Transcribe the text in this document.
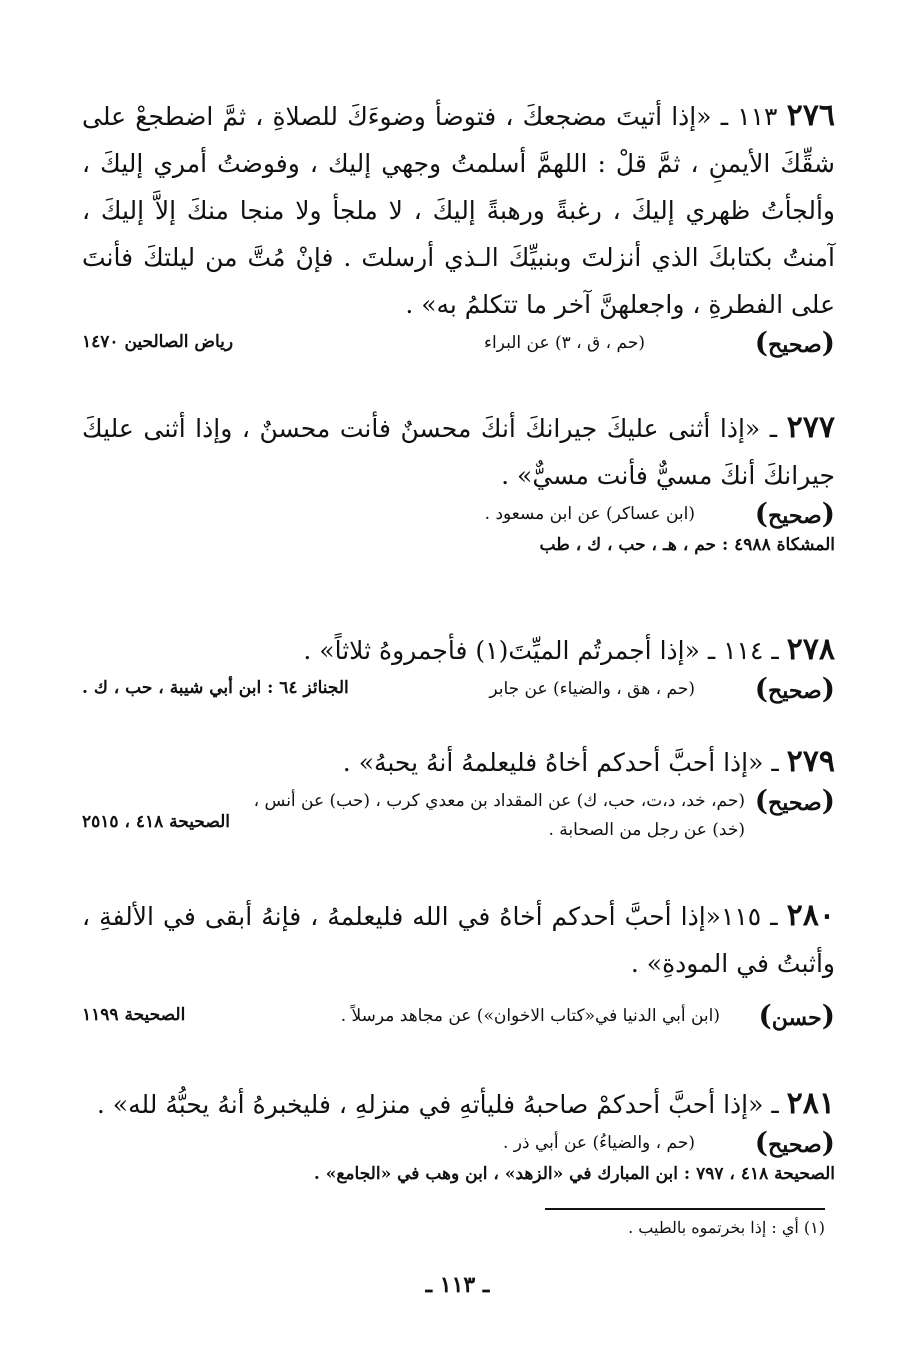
٢٧٦ ١١٣ ـ «إذا أتيتَ مضجعكَ ، فتوضأ وضوءَكَ للصلاةِ ، ثمَّ اضطجعْ على شقِّكَ الأيمنِ ، ثمَّ قلْ : اللهمَّ أسلمتُ وجهي إليك ، وفوضتُ أمري إليكَ ، وألجأتُ ظهري إليكَ ، رغبةً ورهبةً إليكَ ، لا ملجأ ولا منجا منكَ إلاَّ إليكَ ، آمنتُ بكتابكَ الذي أنزلتَ وبنبيِّكَ الـذي أرسلتَ . فإنْ مُتَّ من ليلتكَ فأنتَ على الفطرةِ ، واجعلهنَّ آخر ما تتكلمُ به» .

(صحيح)
(حم ، ق ، ٣) عن البراء
رياض الصالحين ١٤٧٠

٢٧٧ ـ «إذا أثنى عليكَ جيرانكَ أنكَ محسنٌ فأنت محسنٌ ، وإذا أثنى عليكَ جيرانكَ أنكَ مسيٌّ فأنت مسيٌّ» .

(صحيح)
(ابن عساكر) عن ابن مسعود .
المشكاة ٤٩٨٨ : حم ، هـ ، حب ، ك ، طب

٢٧٨ ـ ١١٤ ـ «إذا أجمرتُم الميِّتَ(١) فأجمروهُ ثلاثاً» .

(صحيح)
(حم ، هق ، والضياء) عن جابر
الجنائز ٦٤ : ابن أبي شيبة ، حب ، ك .

٢٧٩ ـ «إذا أحبَّ أحدكم أخاهُ فليعلمهُ أنهُ يحبهُ» .

(صحيح)
(حم، خد، د،ت، حب، ك) عن المقداد بن معدي كرب ، (حب) عن أنس ،
(خد) عن رجل من الصحابة .
الصحيحة ٤١٨ ، ٢٥١٥

٢٨٠ ـ ١١٥«إذا أحبَّ أحدكم أخاهُ في الله فليعلمهُ ، فإنهُ أبقى في الألفةِ ، وأثبتُ في المودةِ» .

(حسن)
(ابن أبي الدنيا في«كتاب الاخوان») عن مجاهد مرسلاً .
الصحيحة ١١٩٩

٢٨١ ـ «إذا أحبَّ أحدكمْ صاحبهُ فليأتهِ في منزلهِ ، فليخبرهُ أنهُ يحبُّهُ لله» .

(صحيح)
(حم ، والضياءُ) عن أبي ذر .
الصحيحة ٤١٨ ، ٧٩٧ : ابن المبارك في «الزهد» ، ابن وهب في «الجامع» .
(١) أي : إذا بخرتموه بالطيب .
ـ ١١٣ ـ
